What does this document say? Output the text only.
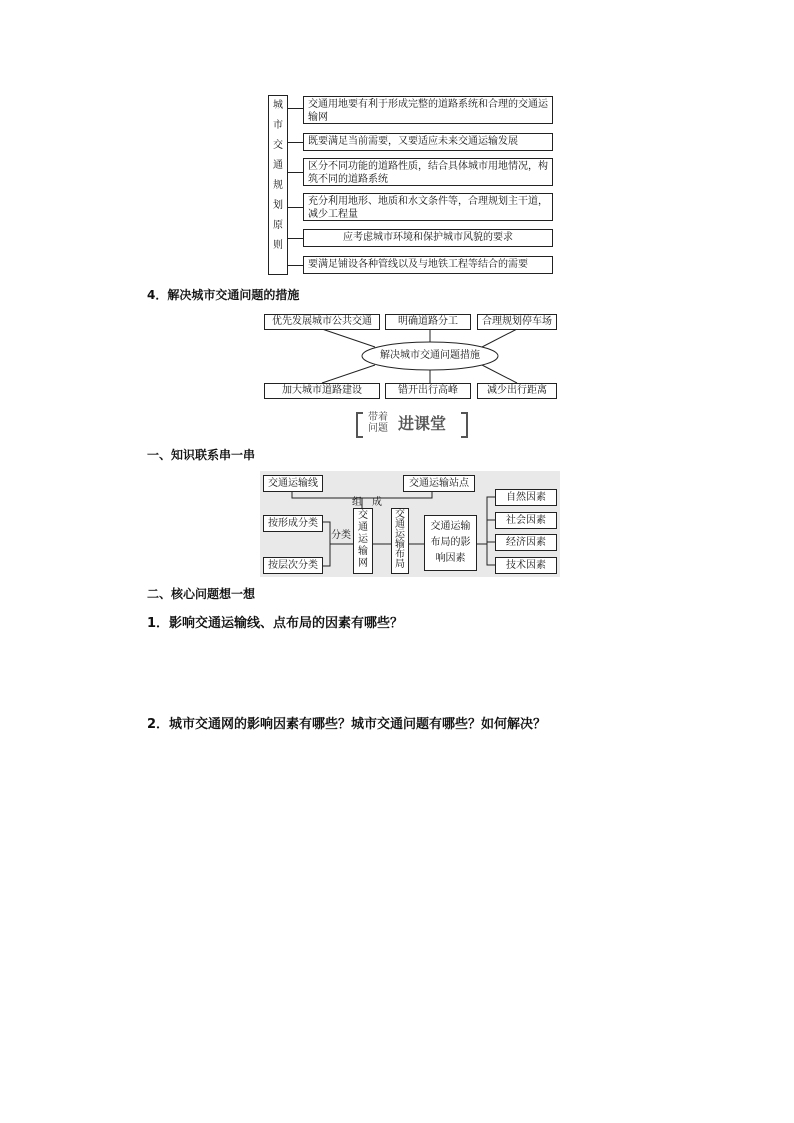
城
市
交
通
规
划
原
则
交通用地要有利于形成完整的道路系统和合理的交通运输网
既要满足当前需要，又要适应未来交通运输发展
区分不同功能的道路性质，结合具体城市用地情况，构筑不同的道路系统
充分利用地形、地质和水文条件等，合理规划主干道，减少工程量
应考虑城市环境和保护城市风貌的要求
要满足铺设各种管线以及与地铁工程等结合的需要
4．解决城市交通问题的措施
优先发展城市公共交通	明确道路分工	合理规划停车场
解决城市交通问题措施
加大城市道路建设	错开出行高峰	减少出行距离
带着
问题 进课堂
一、知识联系串一串
交通运输线	交通运输站点
组　成
按形成分类
按层次分类
分类
交通运输网
交通运输布局
交通运输布局的影响因素
自然因素
社会因素
经济因素
技术因素
二、核心问题想一想
1．影响交通运输线、点布局的因素有哪些？
2．城市交通网的影响因素有哪些？城市交通问题有哪些？如何解决？
